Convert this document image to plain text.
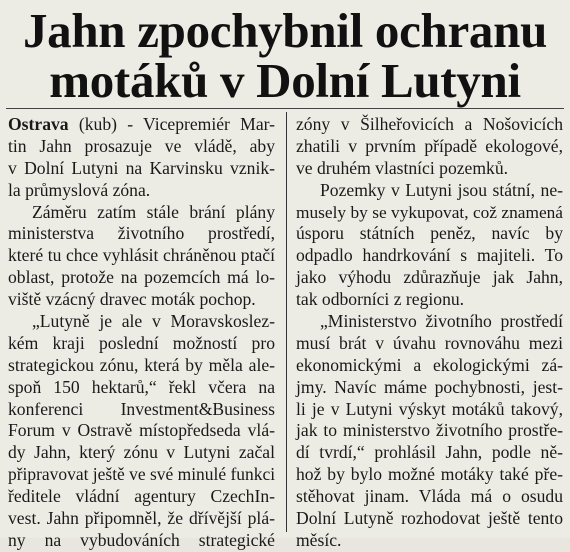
Jahn zpochybnil ochranu
motáků v Dolní Lutyni
Ostrava (kub) - Vicepremiér Mar-
tin Jahn prosazuje ve vládě, aby
v Dolní Lutyni na Karvinsku vznik-
la průmyslová zóna.
Záměru zatím stále brání plány
ministerstva životního prostředí,
které tu chce vyhlásit chráněnou ptačí
oblast, protože na pozemcích má lo-
viště vzácný dravec moták pochop.
„Lutyně je ale v Moravskoslez-
kém kraji poslední možností pro
strategickou zónu, která by měla ale-
spoň 150 hektarů,“ řekl včera na
konferenci Investment&Business
Forum v Ostravě místopředseda vlá-
dy Jahn, který zónu v Lutyni začal
připravovat ještě ve své minulé funkci
ředitele vládní agentury CzechIn-
vest. Jahn připomněl, že dřívější plá-
ny na vybudováních strategické
zóny v Šilheřovicích a Nošovicích
zhatili v prvním případě ekologové,
ve druhém vlastníci pozemků.
Pozemky v Lutyni jsou státní, ne-
musely by se vykupovat, což znamená
úsporu státních peněz, navíc by
odpadlo handrkování s majiteli. To
jako výhodu zdůrazňuje jak Jahn,
tak odborníci z regionu.
„Ministerstvo životního prostředí
musí brát v úvahu rovnováhu mezi
ekonomickými a ekologickými zá-
jmy. Navíc máme pochybnosti, jest-
li je v Lutyni výskyt motáků takový,
jak to ministerstvo životního prostře-
dí tvrdí,“ prohlásil Jahn, podle ně-
hož by bylo možné motáky také pře-
stěhovat jinam. Vláda má o osudu
Dolní Lutyně rozhodovat ještě tento
měsíc.
